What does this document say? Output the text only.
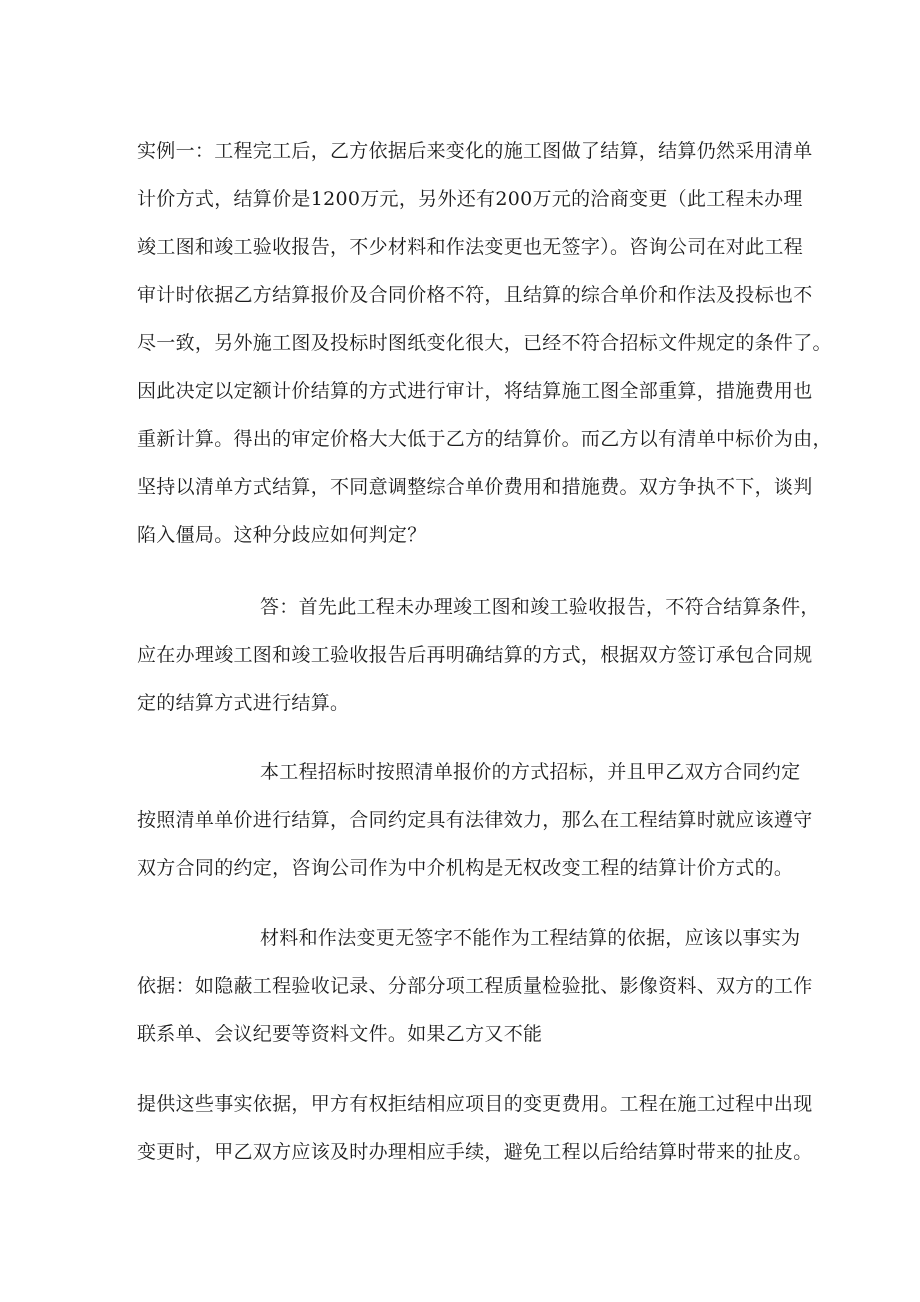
实例一：工程完工后，乙方依据后来变化的施工图做了结算，结算仍然采用清单
计价方式，结算价是1200万元，另外还有200万元的洽商变更（此工程未办理
竣工图和竣工验收报告，不少材料和作法变更也无签字）。咨询公司在对此工程
审计时依据乙方结算报价及合同价格不符，且结算的综合单价和作法及投标也不
尽一致，另外施工图及投标时图纸变化很大，已经不符合招标文件规定的条件了。
因此决定以定额计价结算的方式进行审计，将结算施工图全部重算，措施费用也
重新计算。得出的审定价格大大低于乙方的结算价。而乙方以有清单中标价为由，
坚持以清单方式结算，不同意调整综合单价费用和措施费。双方争执不下，谈判
陷入僵局。这种分歧应如何判定？
答：首先此工程未办理竣工图和竣工验收报告，不符合结算条件，
应在办理竣工图和竣工验收报告后再明确结算的方式，根据双方签订承包合同规
定的结算方式进行结算。
本工程招标时按照清单报价的方式招标，并且甲乙双方合同约定
按照清单单价进行结算，合同约定具有法律效力，那么在工程结算时就应该遵守
双方合同的约定，咨询公司作为中介机构是无权改变工程的结算计价方式的。
材料和作法变更无签字不能作为工程结算的依据，应该以事实为
依据：如隐蔽工程验收记录、分部分项工程质量检验批、影像资料、双方的工作
联系单、会议纪要等资料文件。如果乙方又不能
提供这些事实依据，甲方有权拒结相应项目的变更费用。工程在施工过程中出现
变更时，甲乙双方应该及时办理相应手续，避免工程以后给结算时带来的扯皮。
